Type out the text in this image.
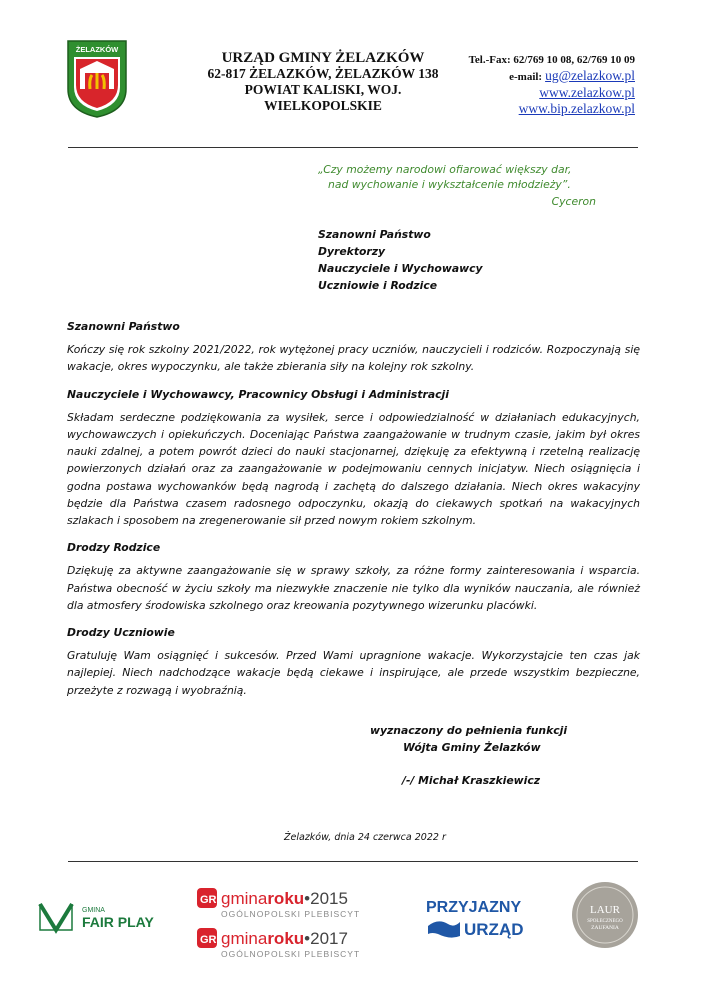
ŻELAZKÓW
URZĄD GMINY ŻELAZKÓW
62-817 ŻELAZKÓW, ŻELAZKÓW 138
POWIAT KALISKI, WOJ. WIELKOPOLSKIE
Tel.-Fax: 62/769 10 08, 62/769 10 09
e-mail: ug@zelazkow.pl
www.zelazkow.pl
www.bip.zelazkow.pl
„Czy możemy narodowi ofiarować większy dar,
nad wychowanie i wykształcenie młodzieży”.
Cyceron
Szanowni Państwo
Dyrektorzy
Nauczyciele i Wychowawcy
Uczniowie i Rodzice
Szanowni Państwo

Kończy się rok szkolny 2021/2022, rok wytężonej pracy uczniów, nauczycieli i rodziców. Rozpoczynają się wakacje, okres wypoczynku, ale także zbierania siły na kolejny rok szkolny.

Nauczyciele i Wychowawcy, Pracownicy Obsługi i Administracji

Składam serdeczne podziękowania za wysiłek, serce i odpowiedzialność w działaniach edukacyjnych, wychowawczych i opiekuńczych. Doceniając Państwa zaangażowanie w trudnym czasie, jakim był okres nauki zdalnej, a potem powrót dzieci do nauki stacjonarnej, dziękuję za efektywną i rzetelną realizację powierzonych działań oraz za zaangażowanie w podejmowaniu cennych inicjatyw. Niech osiągnięcia i godna postawa wychowanków będą nagrodą i zachętą do dalszego działania. Niech okres wakacyjny będzie dla Państwa czasem radosnego odpoczynku, okazją do ciekawych spotkań na wakacyjnych szlakach i sposobem na zregenerowanie sił przed nowym rokiem szkolnym.

Drodzy Rodzice

Dziękuję za aktywne zaangażowanie się w sprawy szkoły, za różne formy zainteresowania i wsparcia. Państwa obecność w życiu szkoły ma niezwykłe znaczenie nie tylko dla wyników nauczania, ale również dla atmosfery środowiska szkolnego oraz kreowania pozytywnego wizerunku placówki.

Drodzy Uczniowie

Gratuluję Wam osiągnięć i sukcesów. Przed Wami upragnione wakacje. Wykorzystajcie ten czas jak najlepiej. Niech nadchodzące wakacje będą ciekawe i inspirujące, ale przede wszystkim bezpieczne, przeżyte z rozwagą i wyobraźnią.

wyznaczony do pełnienia funkcji
Wójta Gminy Żelazków
/-/ Michał Kraszkiewicz
Żelazków, dnia 24 czerwca 2022 r
GMINA
FAIR PLAY
GR gminaroku•2015
OGÓLNOPOLSKI PLEBISCYT
GR gminaroku•2017
OGÓLNOPOLSKI PLEBISCYT
PRZYJAZNY
URZĄD
LAUR
SPOŁECZNEGO
ZAUFANIA
